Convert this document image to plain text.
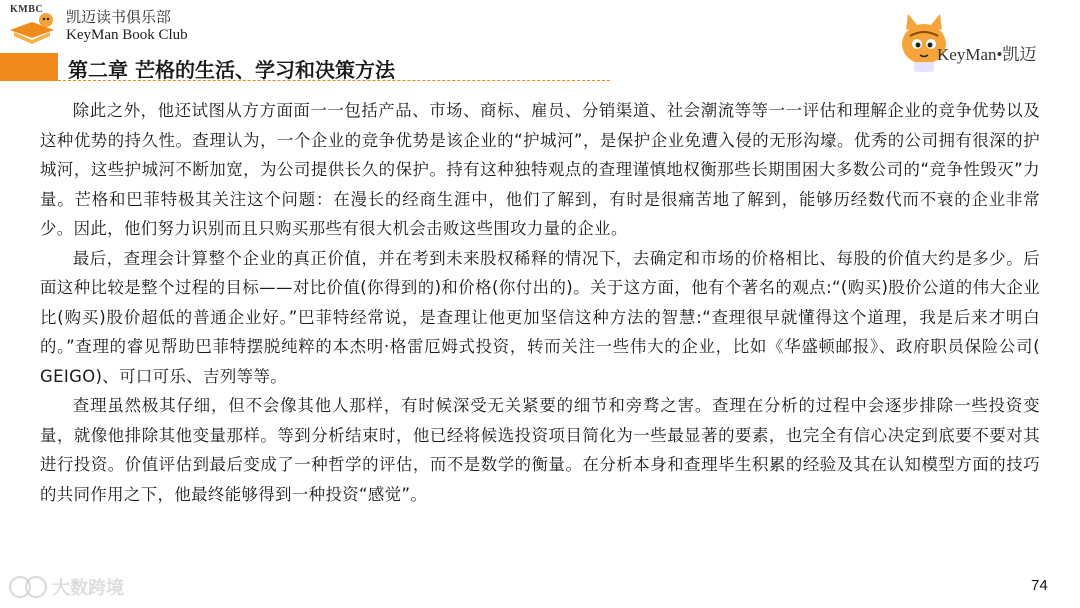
KMBC 凯迈读书俱乐部
KeyMan Book Club
第二章 芒格的生活、学习和决策方法
KeyMan•凯迈

除此之外，他还试图从方方面面一一包括产品、市场、商标、雇员、分销渠道、社会潮流等等一一评估和理解企业的竞争优势以及这种优势的持久性。查理认为，一个企业的竞争优势是该企业的“护城河”，是保护企业免遭入侵的无形沟壕。优秀的公司拥有很深的护城河，这些护城河不断加宽，为公司提供长久的保护。持有这种独特观点的查理谨慎地权衡那些长期围困大多数公司的“竞争性毁灭”力量。芒格和巴菲特极其关注这个问题：在漫长的经商生涯中，他们了解到，有时是很痛苦地了解到，能够历经数代而不衰的企业非常少。因此，他们努力识别而且只购买那些有很大机会击败这些围攻力量的企业。

最后，查理会计算整个企业的真正价值，并在考到未来股权稀释的情况下，去确定和市场的价格相比、每股的价值大约是多少。后面这种比较是整个过程的目标——对比价值(你得到的)和价格(你付出的)。关于这方面，他有个著名的观点:“(购买)股价公道的伟大企业比(购买)股价超低的普通企业好。”巴菲特经常说，是查理让他更加坚信这种方法的智慧:“查理很早就懂得这个道理，我是后来才明白的。”查理的睿见帮助巴菲特摆脱纯粹的本杰明·格雷厄姆式投资，转而关注一些伟大的企业，比如《华盛顿邮报》、政府职员保险公司( GEIGO)、可口可乐、吉列等等。

查理虽然极其仔细，但不会像其他人那样，有时候深受无关紧要的细节和旁骛之害。查理在分析的过程中会逐步排除一些投资变量，就像他排除其他变量那样。等到分析结束时，他已经将候选投资项目简化为一些最显著的要素，也完全有信心决定到底要不要对其进行投资。价值评估到最后变成了一种哲学的评估，而不是数学的衡量。在分析本身和查理毕生积累的经验及其在认知模型方面的技巧的共同作用之下，他最终能够得到一种投资“感觉”。

大数跨境	74
